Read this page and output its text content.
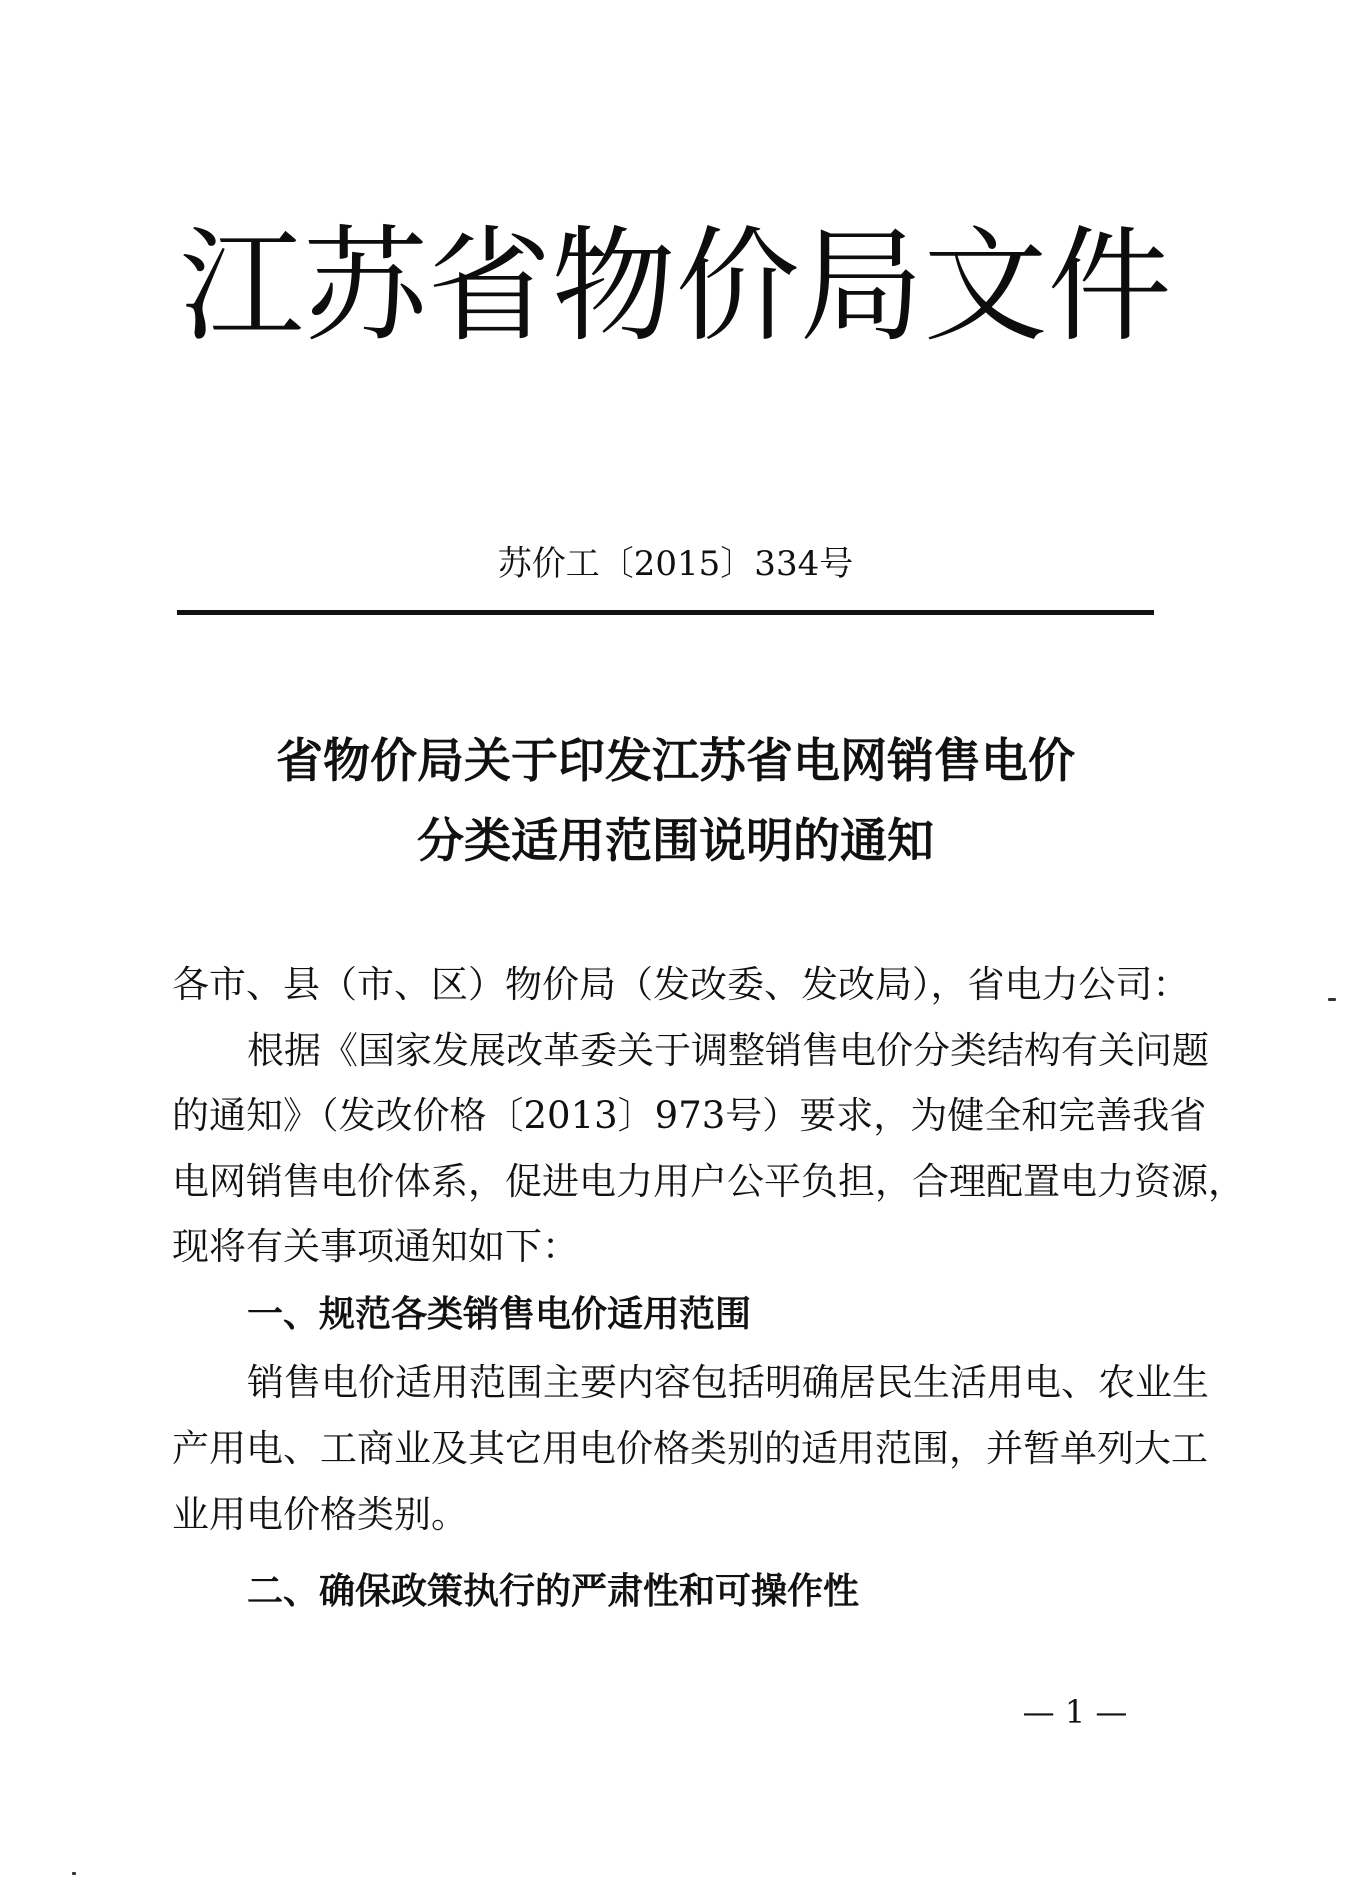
江苏省物价局文件
苏价工〔2015〕334号
省物价局关于印发江苏省电网销售电价
分类适用范围说明的通知
各市、县（市、区）物价局（发改委、发改局），省电力公司：
根据《国家发展改革委关于调整销售电价分类结构有关问题
的通知》（发改价格〔2013〕973号）要求，为健全和完善我省
电网销售电价体系，促进电力用户公平负担，合理配置电力资源，
现将有关事项通知如下：
一、规范各类销售电价适用范围
销售电价适用范围主要内容包括明确居民生活用电、农业生
产用电、工商业及其它用电价格类别的适用范围，并暂单列大工
业用电价格类别。
二、确保政策执行的严肃性和可操作性
— 1 —
